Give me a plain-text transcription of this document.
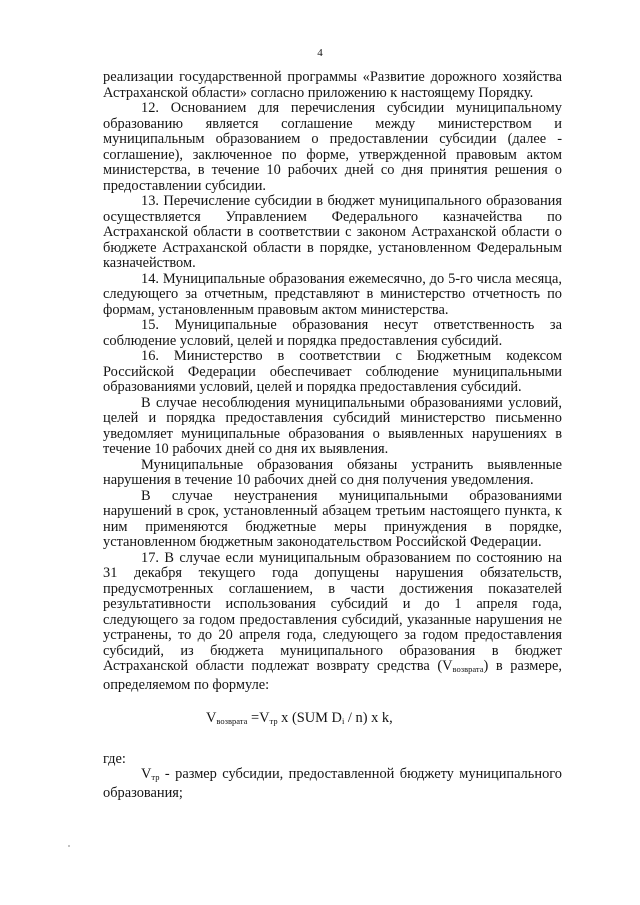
4

реализации государственной программы «Развитие дорожного хозяйства Астраханской области» согласно приложению к настоящему Порядку.

12. Основанием для перечисления субсидии муниципальному образованию является соглашение между министерством и муниципальным образованием о предоставлении субсидии (далее - соглашение), заключенное по форме, утвержденной правовым актом министерства, в течение 10 рабочих дней со дня принятия решения о предоставлении субсидии.

13. Перечисление субсидии в бюджет муниципального образования осуществляется Управлением Федерального казначейства по Астраханской области в соответствии с законом Астраханской области о бюджете Астраханской области в порядке, установленном Федеральным казначейством.

14. Муниципальные образования ежемесячно, до 5-го числа месяца, следующего за отчетным, представляют в министерство отчетность по формам, установленным правовым актом министерства.

15. Муниципальные образования несут ответственность за соблюдение условий, целей и порядка предоставления субсидий.

16. Министерство в соответствии с Бюджетным кодексом Российской Федерации обеспечивает соблюдение муниципальными образованиями условий, целей и порядка предоставления субсидий.

В случае несоблюдения муниципальными образованиями условий, целей и порядка предоставления субсидий министерство письменно уведомляет муниципальные образования о выявленных нарушениях в течение 10 рабочих дней со дня их выявления.

Муниципальные образования обязаны устранить выявленные нарушения в течение 10 рабочих дней со дня получения уведомления.

В случае неустранения муниципальными образованиями нарушений в срок, установленный абзацем третьим настоящего пункта, к ним применяются бюджетные меры принуждения в порядке, установленном бюджетным законодательством Российской Федерации.

17. В случае если муниципальным образованием по состоянию на 31 декабря текущего года допущены нарушения обязательств, предусмотренных соглашением, в части достижения показателей результативности использования субсидий и до 1 апреля года, следующего за годом предоставления субсидий, указанные нарушения не устранены, то до 20 апреля года, следующего за годом предоставления субсидий, из бюджета муниципального образования в бюджет Астраханской области подлежат возврату средства $(V_{возврата})$ в размере, определяемом по формуле:

$V_{возврата} =V_{тр}$ x (SUM $D_i / n$) x k,

где:

$V_{тр}$ - размер субсидии, предоставленной бюджету муниципального образования;
